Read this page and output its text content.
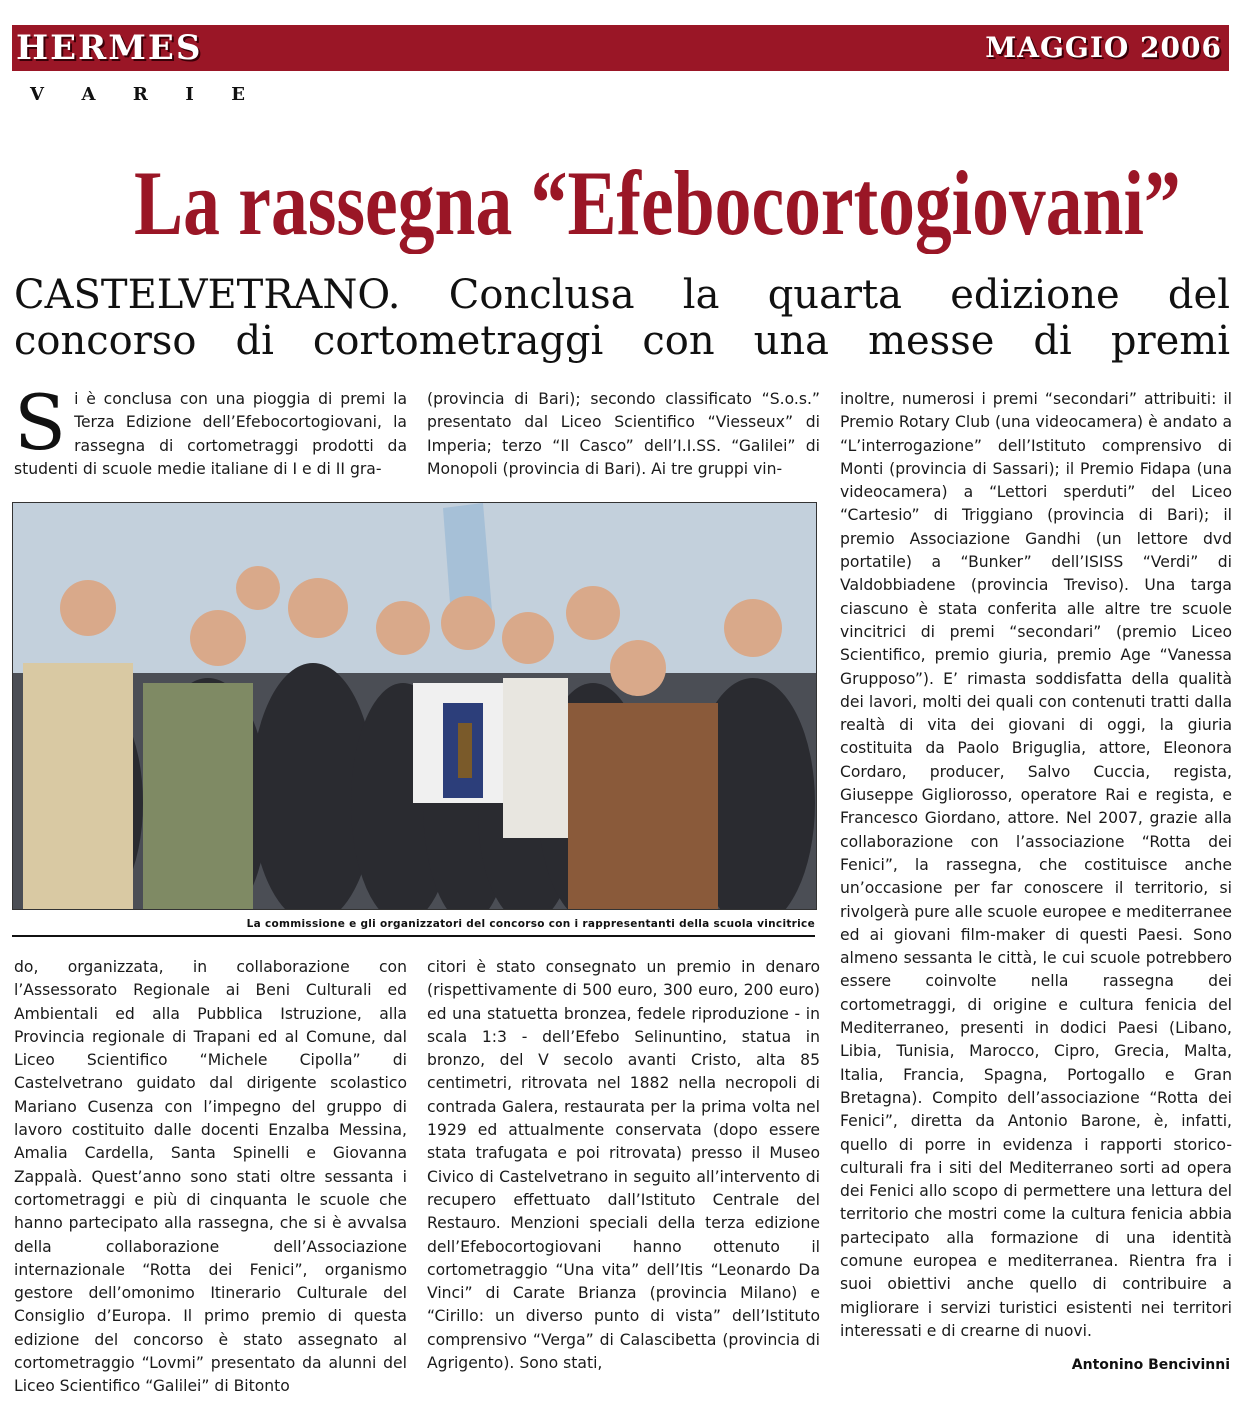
HERMES	MAGGIO 2006
V A R I E
La rassegna “Efebocortogiovani”
CASTELVETRANO. Conclusa la quarta edizione del concorso di cortometraggi con una messe di premi
Si è conclusa con una pioggia di premi la Terza Edizione dell’Efebocortogiovani, la rassegna di cortometraggi prodotti da studenti di scuole medie italiane di I e di II gra-
(provincia di Bari); secondo classificato “S.o.s.” presentato dal Liceo Scientifico “Viesseux” di Imperia; terzo “Il Casco” dell’I.I.SS. “Galilei” di Monopoli (provincia di Bari). Ai tre gruppi vin-
inoltre, numerosi i premi “secondari” attribuiti: il Premio Rotary Club (una videocamera) è andato a “L’interrogazione” dell’Istituto comprensivo di Monti (provincia di Sassari); il Premio Fidapa (una videocamera) a “Lettori sperduti” del Liceo “Cartesio” di Triggiano (provincia di Bari); il premio Associazione Gandhi (un lettore dvd portatile) a “Bunker” dell’ISISS “Verdi” di Valdobbiadene (provincia Treviso). Una targa ciascuno è stata conferita alle altre tre scuole vincitrici di premi “secondari” (premio Liceo Scientifico, premio giuria, premio Age “Vanessa Grupposo”). E’ rimasta soddisfatta della qualità dei lavori, molti dei quali con contenuti tratti dalla realtà di vita dei giovani di oggi, la giuria costituita da Paolo Briguglia, attore, Eleonora Cordaro, producer, Salvo Cuccia, regista, Giuseppe Gigliorosso, operatore Rai e regista, e Francesco Giordano, attore. Nel 2007, grazie alla collaborazione con l’associazione “Rotta dei Fenici”, la rassegna, che costituisce anche un’occasione per far conoscere il territorio, si rivolgerà pure alle scuole europee e mediterranee ed ai giovani film-maker di questi Paesi. Sono almeno sessanta le città, le cui scuole potrebbero essere coinvolte nella rassegna dei cortometraggi, di origine e cultura fenicia del Mediterraneo, presenti in dodici Paesi (Libano, Libia, Tunisia, Marocco, Cipro, Grecia, Malta, Italia, Francia, Spagna, Portogallo e Gran Bretagna). Compito dell’associazione “Rotta dei Fenici”, diretta da Antonio Barone, è, infatti, quello di porre in evidenza i rapporti storico-culturali fra i siti del Mediterraneo sorti ad opera dei Fenici allo scopo di permettere una lettura del territorio che mostri come la cultura fenicia abbia partecipato alla formazione di una identità comune europea e mediterranea. Rientra fra i suoi obiettivi anche quello di contribuire a migliorare i servizi turistici esistenti nei territori interessati e di crearne di nuovi.
La commissione e gli organizzatori del concorso con i rappresentanti della scuola vincitrice
do, organizzata, in collaborazione con l’Assessorato Regionale ai Beni Culturali ed Ambientali ed alla Pubblica Istruzione, alla Provincia regionale di Trapani ed al Comune, dal Liceo Scientifico “Michele Cipolla” di Castelvetrano guidato dal dirigente scolastico Mariano Cusenza con l’impegno del gruppo di lavoro costituito dalle docenti Enzalba Messina, Amalia Cardella, Santa Spinelli e Giovanna Zappalà. Quest’anno sono stati oltre sessanta i cortometraggi e più di cinquanta le scuole che hanno partecipato alla rassegna, che si è avvalsa della collaborazione dell’Associazione internazionale “Rotta dei Fenici”, organismo gestore dell’omonimo Itinerario Culturale del Consiglio d’Europa. Il primo premio di questa edizione del concorso è stato assegnato al cortometraggio “Lovmi” presentato da alunni del Liceo Scientifico “Galilei” di Bitonto
citori è stato consegnato un premio in denaro (rispettivamente di 500 euro, 300 euro, 200 euro) ed una statuetta bronzea, fedele riproduzione - in scala 1:3 - dell’Efebo Selinuntino, statua in bronzo, del V secolo avanti Cristo, alta 85 centimetri, ritrovata nel 1882 nella necropoli di contrada Galera, restaurata per la prima volta nel 1929 ed attualmente conservata (dopo essere stata trafugata e poi ritrovata) presso il Museo Civico di Castelvetrano in seguito all’intervento di recupero effettuato dall’Istituto Centrale del Restauro. Menzioni speciali della terza edizione dell’Efebocortogiovani hanno ottenuto il cortometraggio “Una vita” dell’Itis “Leonardo Da Vinci” di Carate Brianza (provincia Milano) e “Cirillo: un diverso punto di vista” dell’Istituto comprensivo “Verga” di Calascibetta (provincia di Agrigento). Sono stati,	Antonino Bencivinni
